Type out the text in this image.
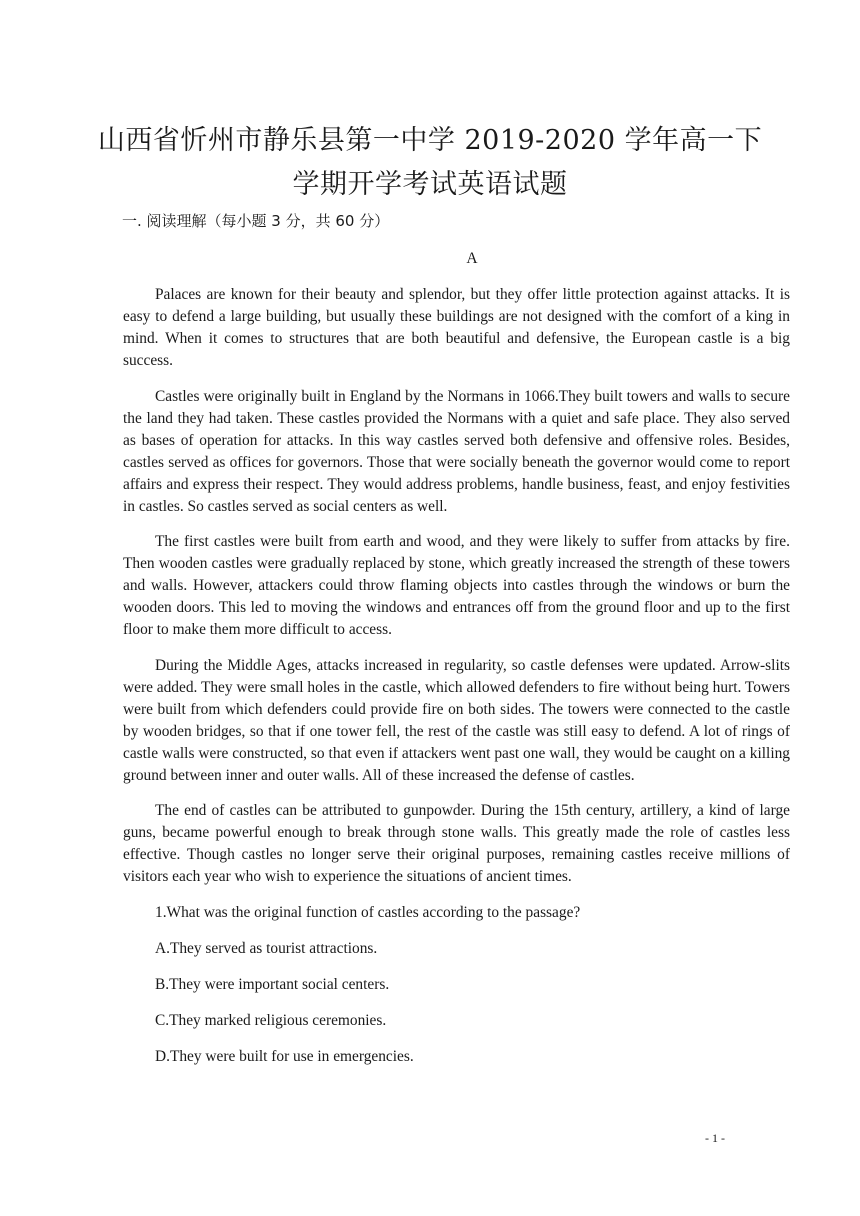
山西省忻州市静乐县第一中学 2019-2020 学年高一下
学期开学考试英语试题
一. 阅读理解（每小题 3 分，共 60 分）
A

Palaces are known for their beauty and splendor, but they offer little protection against attacks. It is easy to defend a large building, but usually these buildings are not designed with the comfort of a king in mind. When it comes to structures that are both beautiful and defensive, the European castle is a big success.

Castles were originally built in England by the Normans in 1066.They built towers and walls to secure the land they had taken. These castles provided the Normans with a quiet and safe place. They also served as bases of operation for attacks. In this way castles served both defensive and offensive roles. Besides, castles served as offices for governors. Those that were socially beneath the governor would come to report affairs and express their respect. They would address problems, handle business, feast, and enjoy festivities in castles. So castles served as social centers as well.

The first castles were built from earth and wood, and they were likely to suffer from attacks by fire. Then wooden castles were gradually replaced by stone, which greatly increased the strength of these towers and walls. However, attackers could throw flaming objects into castles through the windows or burn the wooden doors. This led to moving the windows and entrances off from the ground floor and up to the first floor to make them more difficult to access.

During the Middle Ages, attacks increased in regularity, so castle defenses were updated. Arrow-slits were added. They were small holes in the castle, which allowed defenders to fire without being hurt. Towers were built from which defenders could provide fire on both sides. The towers were connected to the castle by wooden bridges, so that if one tower fell, the rest of the castle was still easy to defend. A lot of rings of castle walls were constructed, so that even if attackers went past one wall, they would be caught on a killing ground between inner and outer walls. All of these increased the defense of castles.

The end of castles can be attributed to gunpowder. During the 15th century, artillery, a kind of large guns, became powerful enough to break through stone walls. This greatly made the role of castles less effective. Though castles no longer serve their original purposes, remaining castles receive millions of visitors each year who wish to experience the situations of ancient times.

1.What was the original function of castles according to the passage?

A.They served as tourist attractions.

B.They were important social centers.

C.They marked religious ceremonies.

D.They were built for use in emergencies.

- 1 -
